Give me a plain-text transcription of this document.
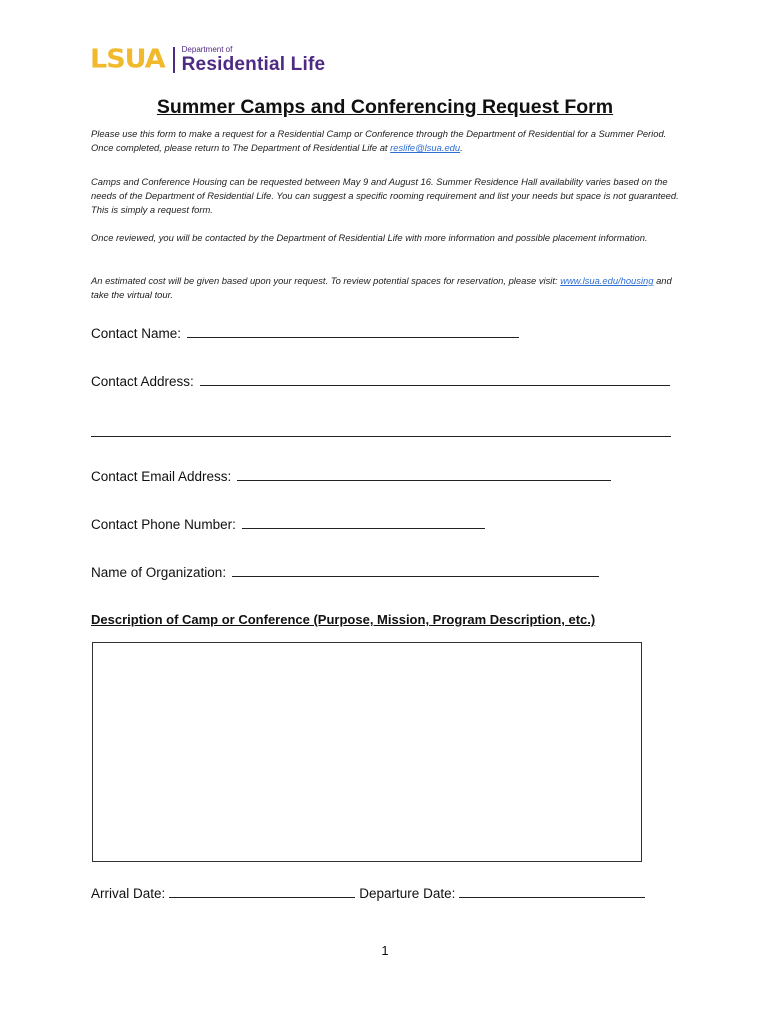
LSUA Department of
Residential Life
Summer Camps and Conferencing Request Form

Please use this form to make a request for a Residential Camp or Conference through the Department of Residential for a Summer Period. Once completed, please return to The Department of Residential Life at reslife@lsua.edu.

Camps and Conference Housing can be requested between May 9 and August 16. Summer Residence Hall availability varies based on the needs of the Department of Residential Life. You can suggest a specific rooming requirement and list your needs but space is not guaranteed. This is simply a request form.

Once reviewed, you will be contacted by the Department of Residential Life with more information and possible placement information.

An estimated cost will be given based upon your request. To review potential spaces for reservation, please visit: www.lsua.edu/housing and take the virtual tour.

Contact Name:
Contact Address:
Contact Email Address:
Contact Phone Number:
Name of Organization:

Description of Camp or Conference (Purpose, Mission, Program Description, etc.)

Arrival Date:	Departure Date:
1
